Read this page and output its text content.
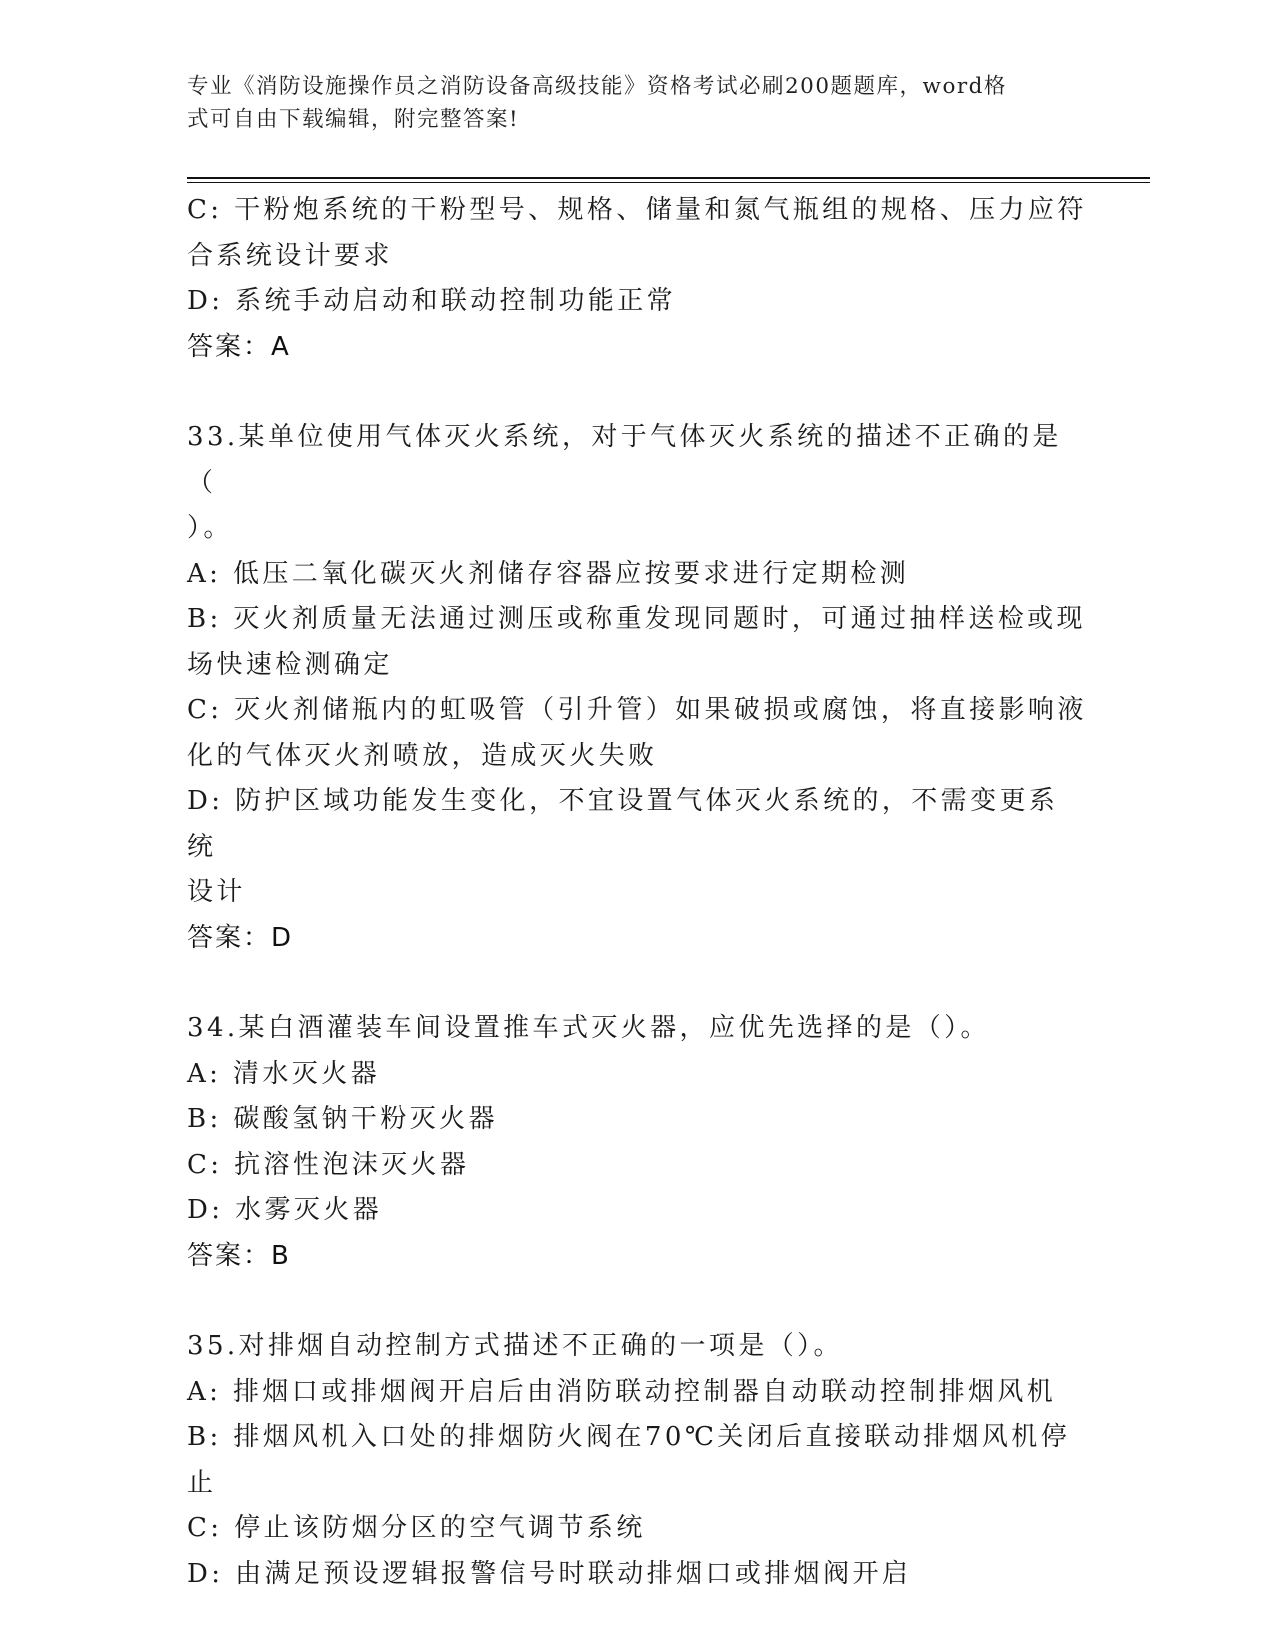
专业《消防设施操作员之消防设备高级技能》资格考试必刷200题题库，word格
式可自由下载编辑，附完整答案!
C: 干粉炮系统的干粉型号、规格、储量和氮气瓶组的规格、压力应符
合系统设计要求
D: 系统手动启动和联动控制功能正常
答案：A
33.某单位使用气体灭火系统，对于气体灭火系统的描述不正确的是（
）。
A: 低压二氧化碳灭火剂储存容器应按要求进行定期检测
B: 灭火剂质量无法通过测压或称重发现同题时，可通过抽样送检或现
场快速检测确定
C: 灭火剂储瓶内的虹吸管（引升管）如果破损或腐蚀，将直接影响液
化的气体灭火剂喷放，造成灭火失败
D: 防护区域功能发生变化，不宜设置气体灭火系统的，不需变更系统
设计
答案：D
34.某白酒灌装车间设置推车式灭火器，应优先选择的是（）。
A: 清水灭火器
B: 碳酸氢钠干粉灭火器
C: 抗溶性泡沫灭火器
D: 水雾灭火器
答案：B
35.对排烟自动控制方式描述不正确的一项是（）。
A: 排烟口或排烟阀开启后由消防联动控制器自动联动控制排烟风机
B: 排烟风机入口处的排烟防火阀在70℃关闭后直接联动排烟风机停止
C: 停止该防烟分区的空气调节系统
D: 由满足预设逻辑报警信号时联动排烟口或排烟阀开启
